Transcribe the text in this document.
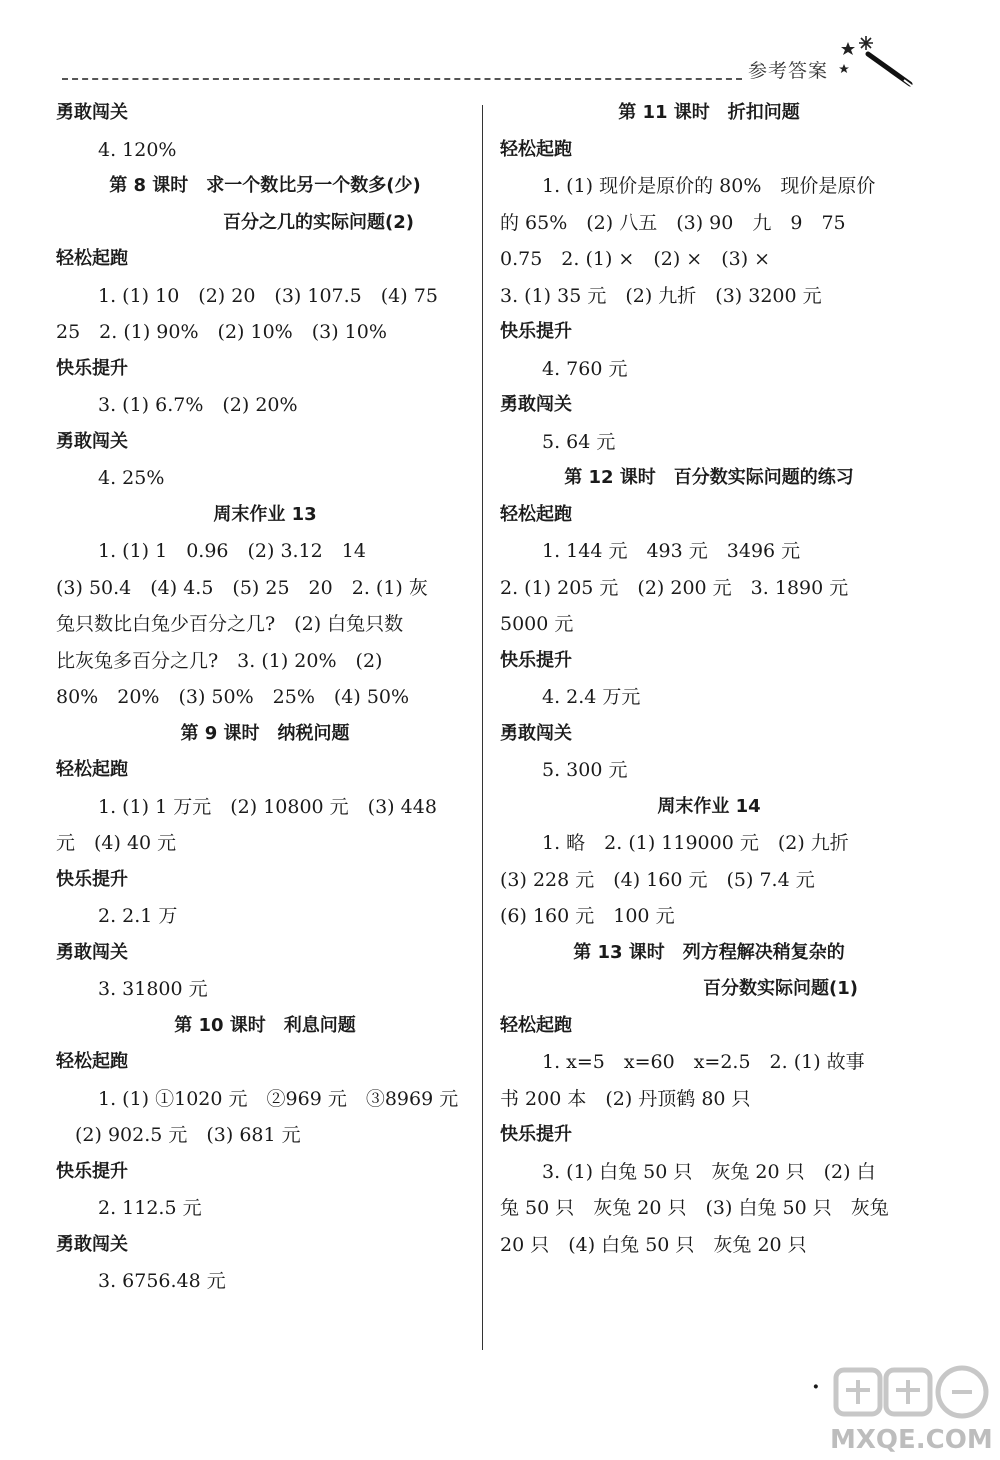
参考答案
勇敢闯关
4. 120%
第 8 课时　求一个数比另一个数多(少)
百分之几的实际问题(2)
轻松起跑
1. (1) 10　(2) 20　(3) 107.5　(4) 75
25　2. (1) 90%　(2) 10%　(3) 10%
快乐提升
3. (1) 6.7%　(2) 20%
勇敢闯关
4. 25%
周末作业 13
1. (1) 1　0.96　(2) 3.12　14
(3) 50.4　(4) 4.5　(5) 25　20　2. (1) 灰
兔只数比白兔少百分之几?　(2) 白兔只数
比灰兔多百分之几?　3. (1) 20%　(2)
80%　20%　(3) 50%　25%　(4) 50%
第 9 课时　纳税问题
轻松起跑
1. (1) 1 万元　(2) 10800 元　(3) 448
元　(4) 40 元
快乐提升
2. 2.1 万
勇敢闯关
3. 31800 元
第 10 课时　利息问题
轻松起跑
1. (1) ①1020 元　②969 元　③8969 元
　(2) 902.5 元　(3) 681 元
快乐提升
2. 112.5 元
勇敢闯关
3. 6756.48 元
第 11 课时　折扣问题
轻松起跑
1. (1) 现价是原价的 80%　现价是原价
的 65%　(2) 八五　(3) 90　九　9　75
0.75　2. (1) ×　(2) ×　(3) ×
3. (1) 35 元　(2) 九折　(3) 3200 元
快乐提升
4. 760 元
勇敢闯关
5. 64 元
第 12 课时　百分数实际问题的练习
轻松起跑
1. 144 元　493 元　3496 元
2. (1) 205 元　(2) 200 元　3. 1890 元
5000 元
快乐提升
4. 2.4 万元
勇敢闯关
5. 300 元
周末作业 14
1. 略　2. (1) 119000 元　(2) 九折
(3) 228 元　(4) 160 元　(5) 7.4 元
(6) 160 元　100 元
第 13 课时　列方程解决稍复杂的
百分数实际问题(1)
轻松起跑
1. x=5　x=60　x=2.5　2. (1) 故事
书 200 本　(2) 丹顶鹤 80 只
快乐提升
3. (1) 白兔 50 只　灰兔 20 只　(2) 白
兔 50 只　灰兔 20 只　(3) 白兔 50 只　灰兔
20 只　(4) 白兔 50 只　灰兔 20 只
·
MXQE.COM
